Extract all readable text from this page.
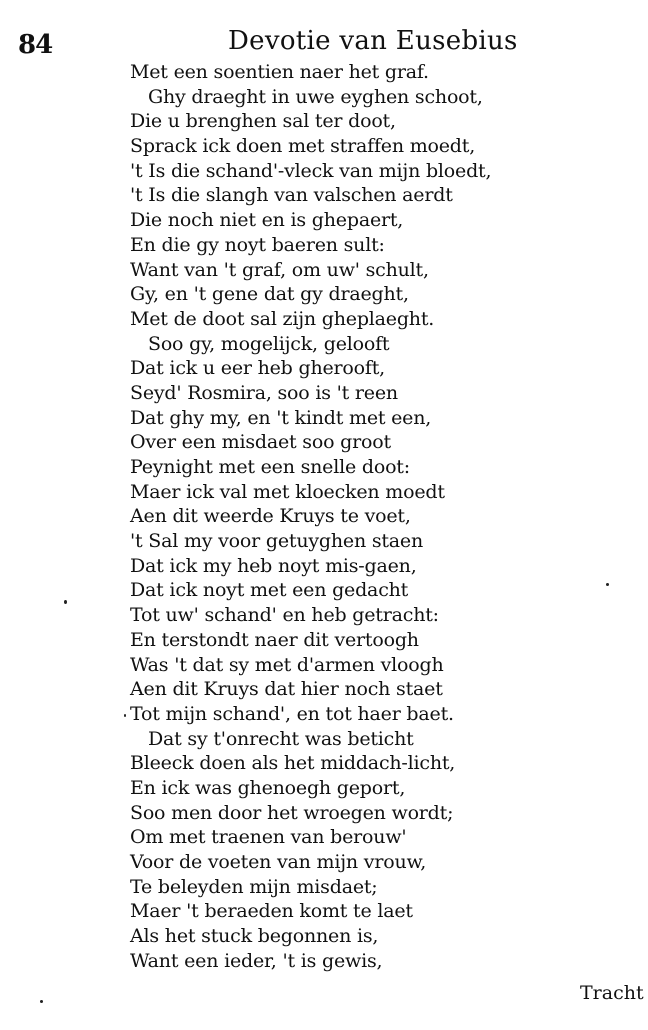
84	Devotie van Eusebius
Met een soentien naer het graf.
Ghy draeght in uwe eyghen schoot,
Die u brenghen sal ter doot,
Sprack ick doen met straffen moedt,
't Is die schand'-vleck van mijn bloedt,
't Is die slangh van valschen aerdt
Die noch niet en is ghepaert,
En die gy noyt baeren sult:
Want van 't graf, om uw' schult,
Gy, en 't gene dat gy draeght,
Met de doot sal zijn gheplaeght.
Soo gy, mogelijck, gelooft
Dat ick u eer heb gherooft,
Seyd' Rosmira, soo is 't reen
Dat ghy my, en 't kindt met een,
Over een misdaet soo groot
Peynight met een snelle doot:
Maer ick val met kloecken moedt
Aen dit weerde Kruys te voet,
't Sal my voor getuyghen staen
Dat ick my heb noyt mis-gaen,
Dat ick noyt met een gedacht
Tot uw' schand' en heb getracht:
En terstondt naer dit vertoogh
Was 't dat sy met d'armen vloogh
Aen dit Kruys dat hier noch staet
Tot mijn schand', en tot haer baet.
Dat sy t'onrecht was beticht
Bleeck doen als het middach-licht,
En ick was ghenoegh geport,
Soo men door het wroegen wordt;
Om met traenen van berouw'
Voor de voeten van mijn vrouw,
Te beleyden mijn misdaet;
Maer 't beraeden komt te laet
Als het stuck begonnen is,
Want een ieder, 't is gewis,
Tracht
